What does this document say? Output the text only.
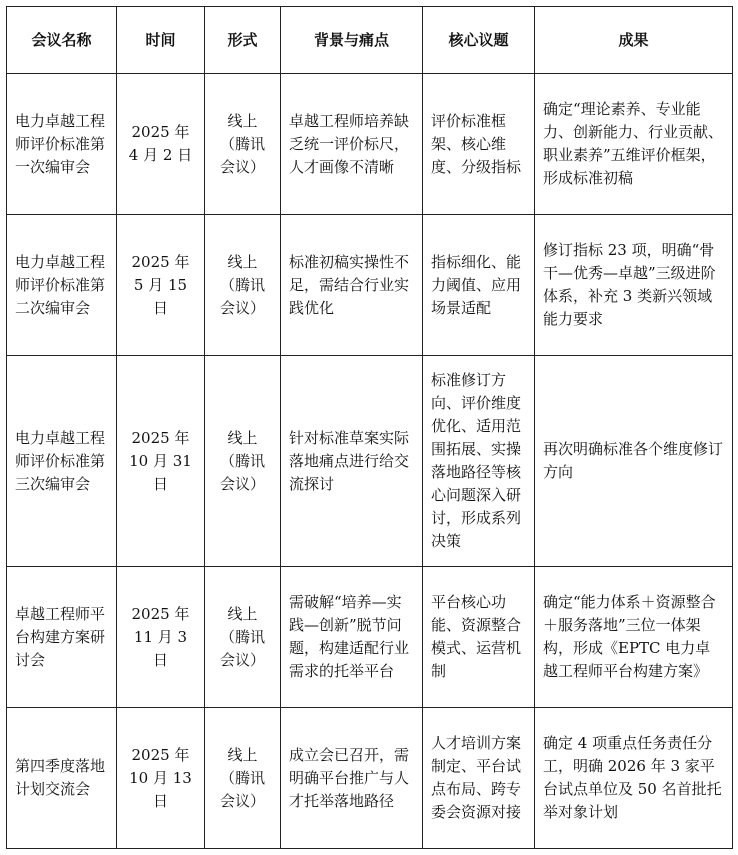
会议名称	时间	形式	背景与痛点	核心议题	成果
电力卓越工程师评价标准第一次编审会	2025 年 4 月 2 日	线上（腾讯会议）	卓越工程师培养缺乏统一评价标尺，人才画像不清晰	评价标准框架、核心维度、分级指标	确定“理论素养、专业能力、创新能力、行业贡献、职业素养”五维评价框架，形成标准初稿
电力卓越工程师评价标准第二次编审会	2025 年 5 月 15 日	线上（腾讯会议）	标准初稿实操性不足，需结合行业实践优化	指标细化、能力阈值、应用场景适配	修订指标 23 项，明确“骨干—优秀—卓越”三级进阶体系，补充 3 类新兴领域能力要求
电力卓越工程师评价标准第三次编审会	2025 年 10 月 31 日	线上（腾讯会议）	针对标准草案实际落地痛点进行给交流探讨	标准修订方向、评价维度优化、适用范围拓展、实操落地路径等核心问题深入研讨，形成系列决策	再次明确标准各个维度修订方向
卓越工程师平台构建方案研讨会	2025 年 11 月 3 日	线上（腾讯会议）	需破解“培养—实践—创新”脱节问题，构建适配行业需求的托举平台	平台核心功能、资源整合模式、运营机制	确定“能力体系＋资源整合＋服务落地”三位一体架构，形成《EPTC 电力卓越工程师平台构建方案》
第四季度落地计划交流会	2025 年 10 月 13 日	线上（腾讯会议）	成立会已召开，需明确平台推广与人才托举落地路径	人才培训方案制定、平台试点布局、跨专委会资源对接	确定 4 项重点任务责任分工，明确 2026 年 3 家平台试点单位及 50 名首批托举对象计划
